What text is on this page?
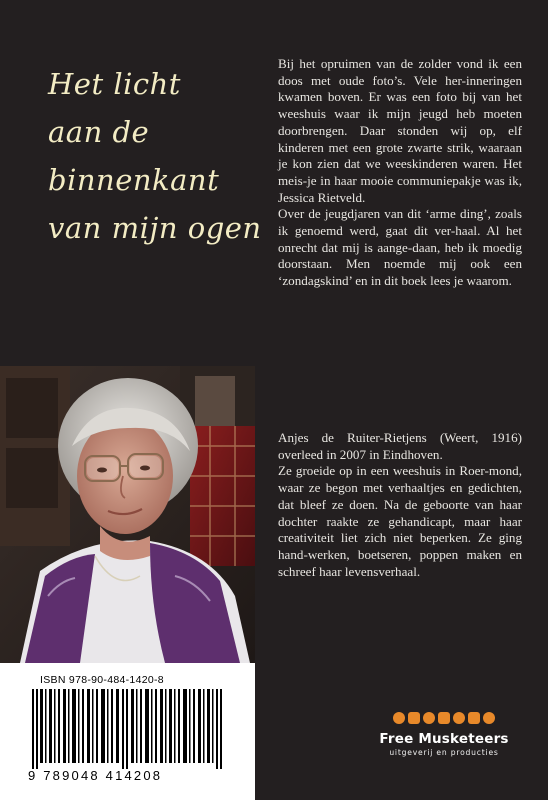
Het licht
aan de
binnenkant
van mijn ogen

Bij het opruimen van de zolder vond ik een doos met oude foto’s. Vele her-inneringen kwamen boven. Er was een foto bij van het weeshuis waar ik mijn jeugd heb moeten doorbrengen. Daar stonden wij op, elf kinderen met een grote zwarte strik, waaraan je kon zien dat we weeskinderen waren. Het meis-je in haar mooie communiepakje was ik, Jessica Rietveld.

Over de jeugdjaren van dit ‘arme ding’, zoals ik genoemd werd, gaat dit ver-haal. Al het onrecht dat mij is aange-daan, heb ik moedig doorstaan. Men noemde mij ook een ‘zondagskind’ en in dit boek lees je waarom.

Anjes de Ruiter-Rietjens (Weert, 1916) overleed in 2007 in Eindhoven.

Ze groeide op in een weeshuis in Roer-mond, waar ze begon met verhaaltjes en gedichten, dat bleef ze doen. Na de geboorte van haar dochter raakte ze gehandicapt, maar haar creativiteit liet zich niet beperken. Ze ging hand-werken, boetseren, poppen maken en schreef haar levensverhaal.

ISBN 978-90-484-1420-8
9 789048 414208
Free Musketeers
uitgeverij en producties
